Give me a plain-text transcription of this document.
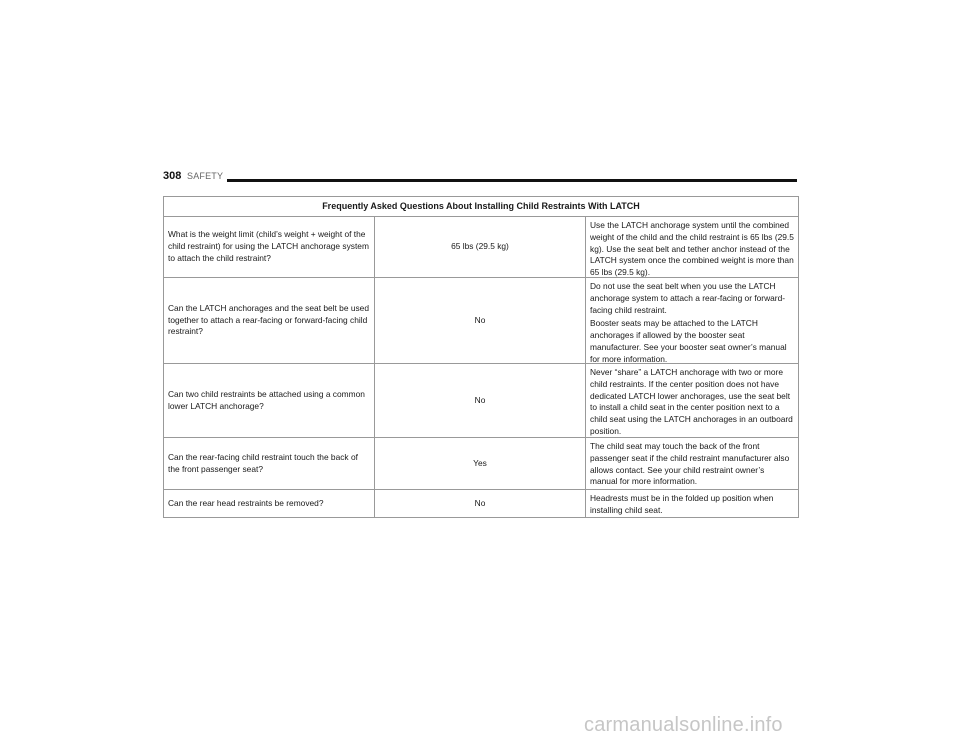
308 SAFETY
Frequently Asked Questions About Installing Child Restraints With LATCH
What is the weight limit (child’s weight + weight of the child restraint) for using the LATCH anchorage system to attach the child restraint?
65 lbs (29.5 kg)

Use the LATCH anchorage system until the combined weight of the child and the child restraint is 65 lbs (29.5 kg). Use the seat belt and tether anchor instead of the LATCH system once the combined weight is more than 65 lbs (29.5 kg).

Can the LATCH anchorages and the seat belt be used together to attach a rear-facing or forward-facing child restraint?
No

Do not use the seat belt when you use the LATCH anchorage system to attach a rear-facing or forward-facing child restraint.

Booster seats may be attached to the LATCH anchorages if allowed by the booster seat manufacturer. See your booster seat owner’s manual for more information.

Can two child restraints be attached using a common lower LATCH anchorage?
No

Never “share” a LATCH anchorage with two or more child restraints. If the center position does not have dedicated LATCH lower anchorages, use the seat belt to install a child seat in the center position next to a child seat using the LATCH anchorages in an outboard position.

Can the rear-facing child restraint touch the back of the front passenger seat?
Yes

The child seat may touch the back of the front passenger seat if the child restraint manufacturer also allows contact. See your child restraint owner’s manual for more information.

Can the rear head restraints be removed?	No	Headrests must be in the folded up position when installing child seat.

carmanualsonline.info
